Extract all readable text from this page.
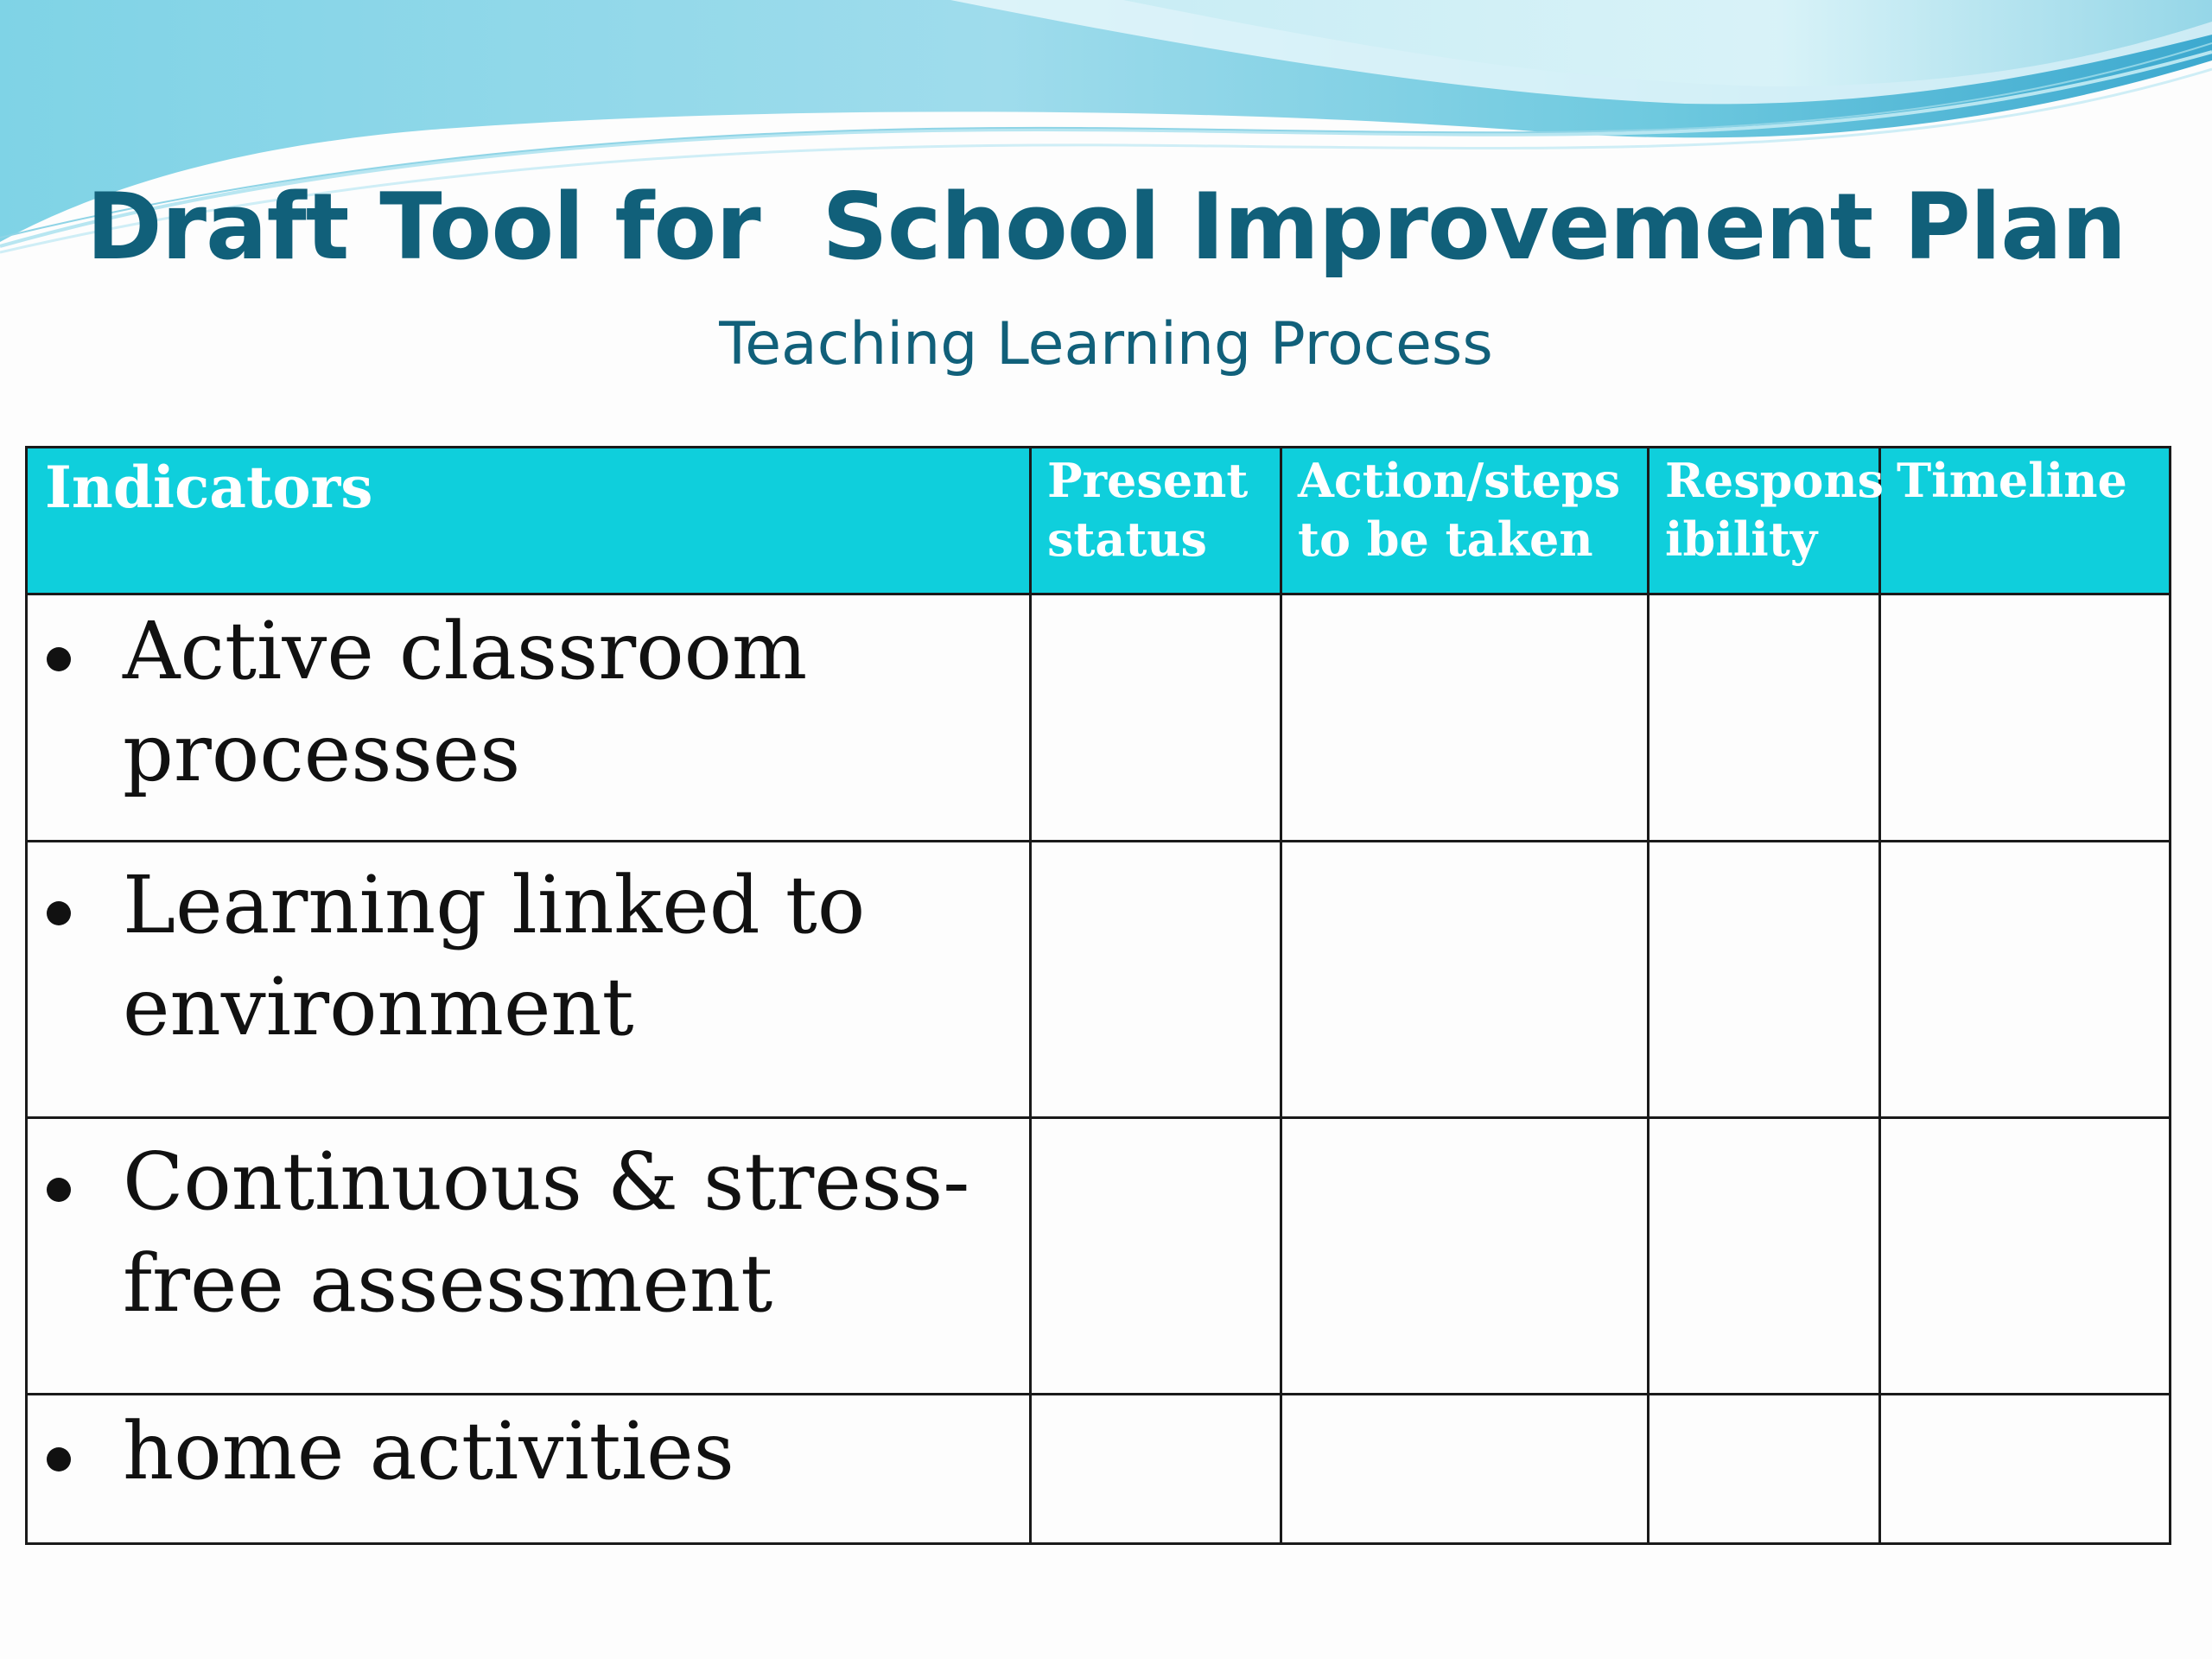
Draft Tool for  School Improvement Plan
Teaching Learning Process
Indicators	Present status	Action/steps to be taken	Respons ibility	Timeline

Active classroom processes				

Learning linked to environment				

Continuous & stress-free assessment				

home activities				
